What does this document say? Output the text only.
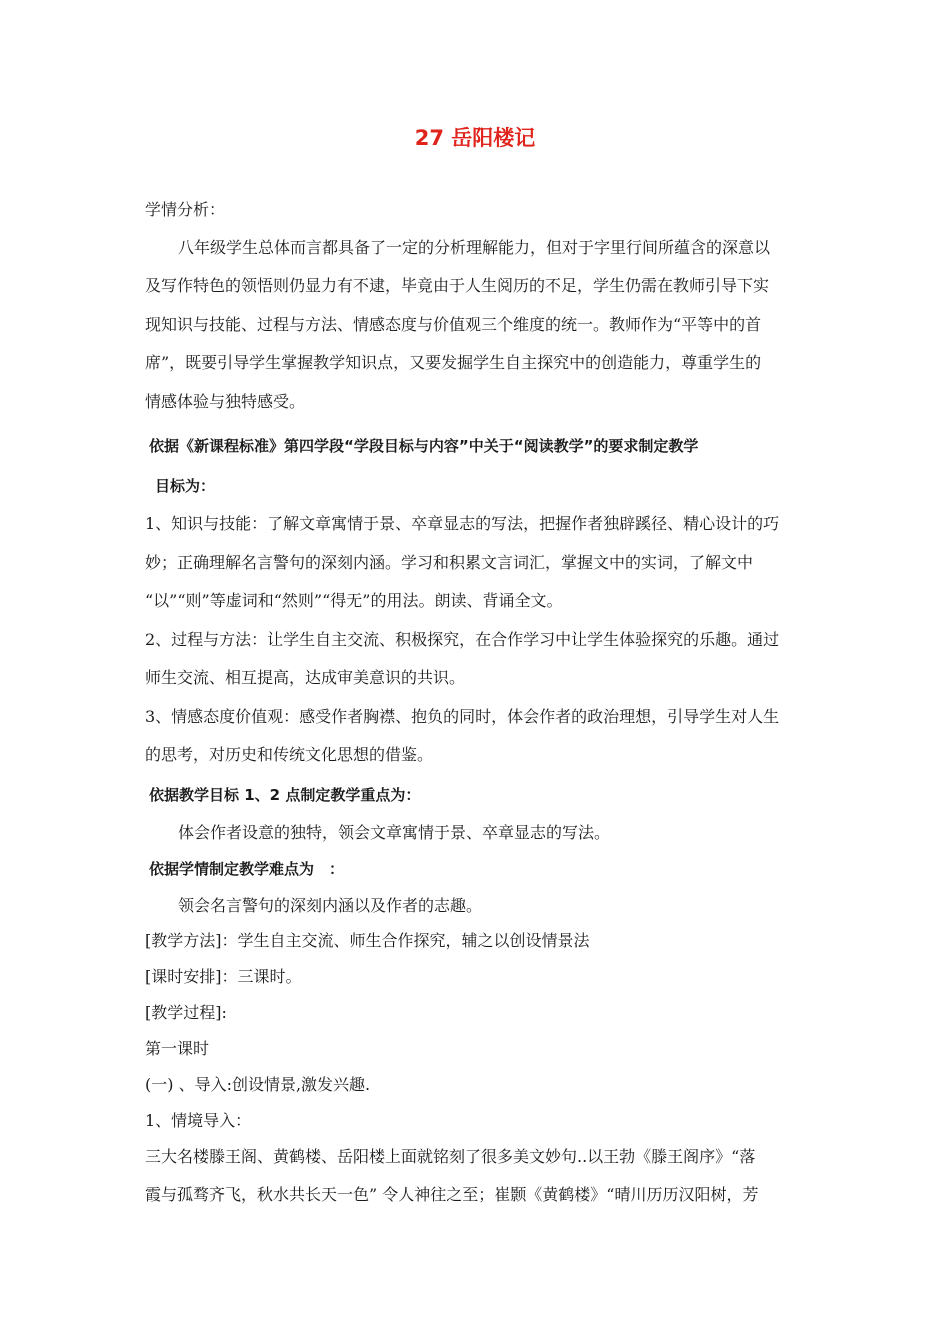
27 岳阳楼记
学情分析：
八年级学生总体而言都具备了一定的分析理解能力，但对于字里行间所蕴含的深意以
及写作特色的领悟则仍显力有不逮，毕竟由于人生阅历的不足，学生仍需在教师引导下实
现知识与技能、过程与方法、情感态度与价值观三个维度的统一。教师作为“平等中的首
席”，既要引导学生掌握教学知识点，又要发掘学生自主探究中的创造能力，尊重学生的
情感体验与独特感受。
依据《新课程标准》第四学段“学段目标与内容”中关于“阅读教学”的要求制定教学
目标为：
1、知识与技能：了解文章寓情于景、卒章显志的写法，把握作者独辟蹊径、精心设计的巧
妙；正确理解名言警句的深刻内涵。学习和积累文言词汇，掌握文中的实词，了解文中
“以”“则”等虚词和“然则”“得无”的用法。朗读、背诵全文。
2、过程与方法：让学生自主交流、积极探究，在合作学习中让学生体验探究的乐趣。通过
师生交流、相互提高，达成审美意识的共识。
3、情感态度价值观：感受作者胸襟、抱负的同时，体会作者的政治理想，引导学生对人生
的思考，对历史和传统文化思想的借鉴。
依据教学目标 1、2 点制定教学重点为：
体会作者设意的独特，领会文章寓情于景、卒章显志的写法。
依据学情制定教学难点为　：
领会名言警句的深刻内涵以及作者的志趣。
[教学方法]：学生自主交流、师生合作探究，辅之以创设情景法
[课时安排]：三课时。
[教学过程]:
第一课时
(一) 、导入:创设情景,激发兴趣.
1、情境导入：
三大名楼滕王阁、黄鹤楼、岳阳楼上面就铭刻了很多美文妙句..以王勃《滕王阁序》“落
霞与孤骛齐飞，秋水共长天一色” 令人神往之至；崔颢《黄鹤楼》“晴川历历汉阳树，芳
